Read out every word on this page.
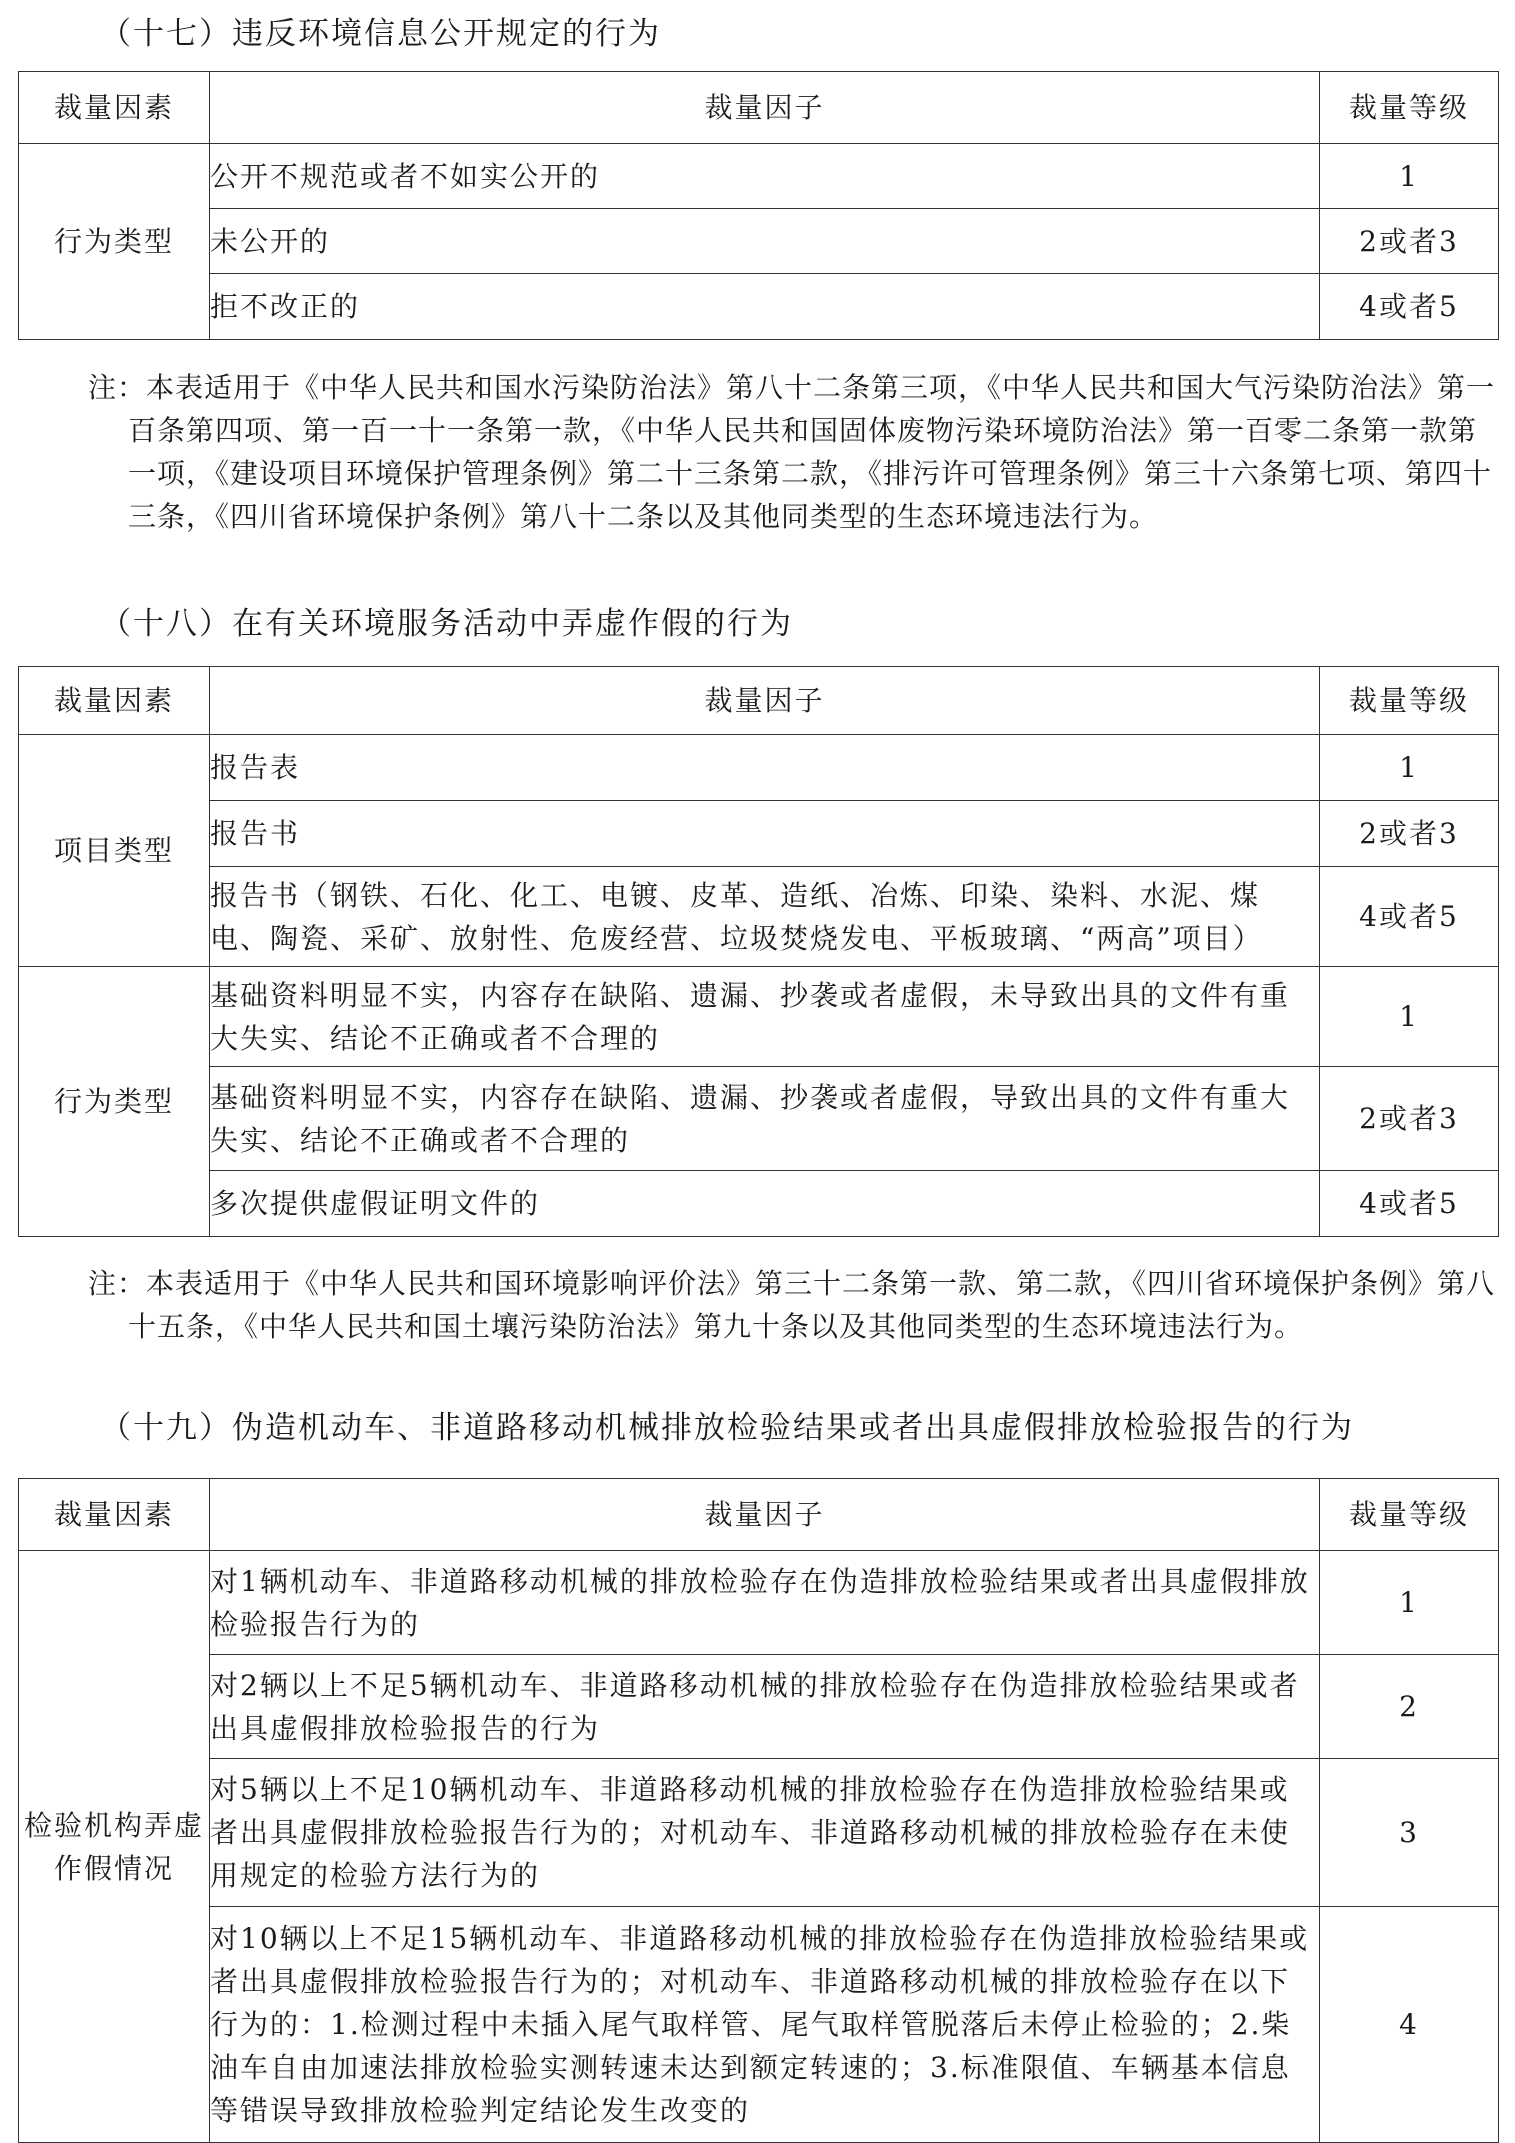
（十七）违反环境信息公开规定的行为
裁量因素	裁量因子	裁量等级
行为类型	公开不规范或者不如实公开的	1
	未公开的	2或者3
	拒不改正的	4或者5
注：本表适用于《中华人民共和国水污染防治法》第八十二条第三项，《中华人民共和国大气污染防治法》第一百条第四项、第一百一十一条第一款，《中华人民共和国固体废物污染环境防治法》第一百零二条第一款第一项，《建设项目环境保护管理条例》第二十三条第二款，《排污许可管理条例》第三十六条第七项、第四十三条，《四川省环境保护条例》第八十二条以及其他同类型的生态环境违法行为。
（十八）在有关环境服务活动中弄虚作假的行为
裁量因素	裁量因子	裁量等级
项目类型	报告表	1
	报告书	2或者3
	报告书（钢铁、石化、化工、电镀、皮革、造纸、冶炼、印染、染料、水泥、煤电、陶瓷、采矿、放射性、危废经营、垃圾焚烧发电、平板玻璃、“两高”项目）	4或者5
行为类型	基础资料明显不实，内容存在缺陷、遗漏、抄袭或者虚假，未导致出具的文件有重大失实、结论不正确或者不合理的	1
	基础资料明显不实，内容存在缺陷、遗漏、抄袭或者虚假，导致出具的文件有重大失实、结论不正确或者不合理的	2或者3
	多次提供虚假证明文件的	4或者5
注：本表适用于《中华人民共和国环境影响评价法》第三十二条第一款、第二款，《四川省环境保护条例》第八十五条，《中华人民共和国土壤污染防治法》第九十条以及其他同类型的生态环境违法行为。
（十九）伪造机动车、非道路移动机械排放检验结果或者出具虚假排放检验报告的行为
裁量因素	裁量因子	裁量等级
检验机构弄虚作假情况	对1辆机动车、非道路移动机械的排放检验存在伪造排放检验结果或者出具虚假排放检验报告行为的	1
	对2辆以上不足5辆机动车、非道路移动机械的排放检验存在伪造排放检验结果或者出具虚假排放检验报告的行为	2
	对5辆以上不足10辆机动车、非道路移动机械的排放检验存在伪造排放检验结果或者出具虚假排放检验报告行为的；对机动车、非道路移动机械的排放检验存在未使用规定的检验方法行为的	3
	对10辆以上不足15辆机动车、非道路移动机械的排放检验存在伪造排放检验结果或者出具虚假排放检验报告行为的；对机动车、非道路移动机械的排放检验存在以下行为的：1.检测过程中未插入尾气取样管、尾气取样管脱落后未停止检验的；2.柴油车自由加速法排放检验实测转速未达到额定转速的；3.标准限值、车辆基本信息等错误导致排放检验判定结论发生改变的	4
